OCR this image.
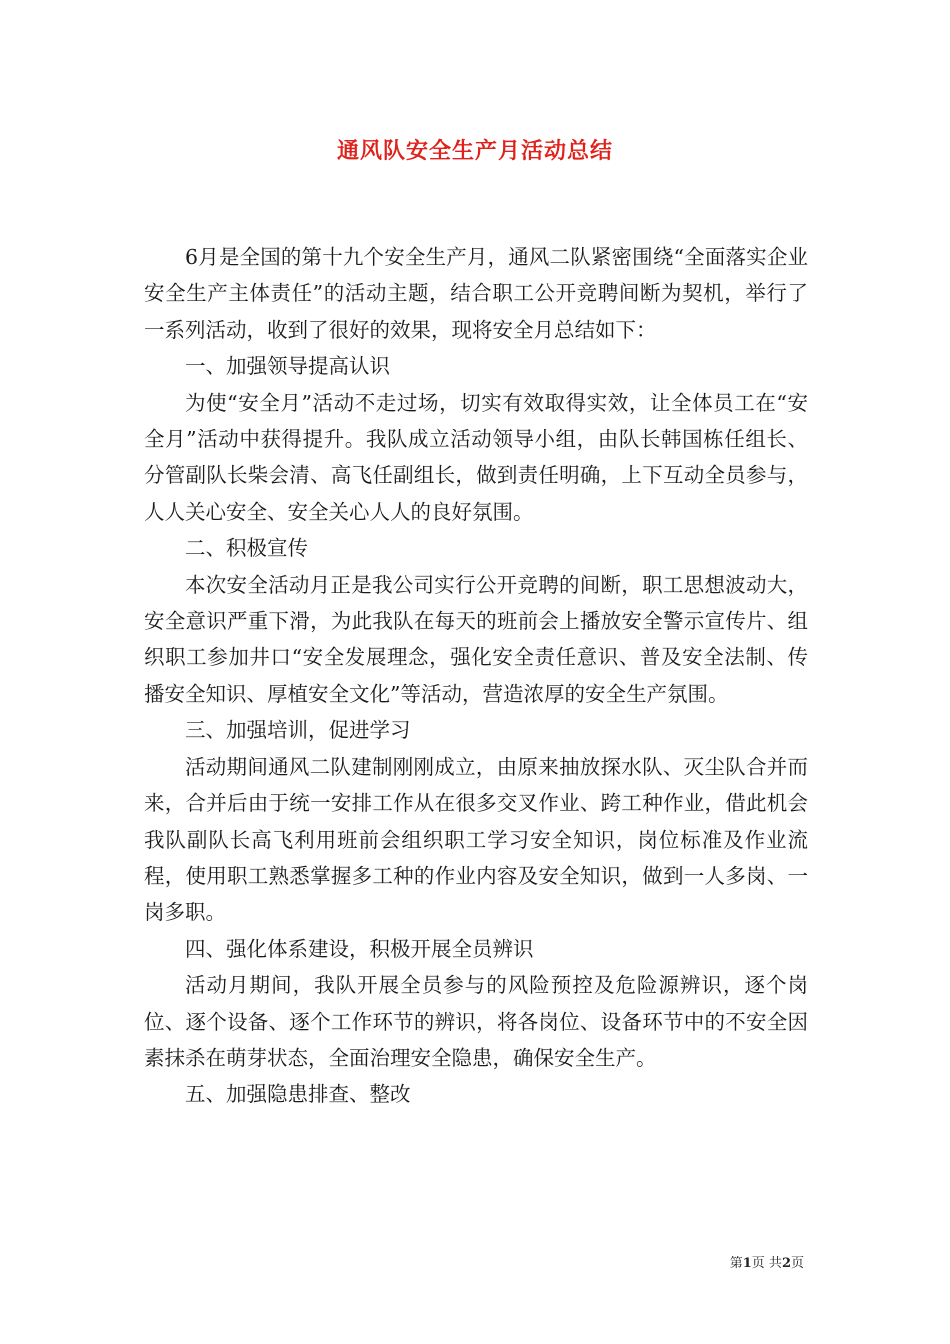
通风队安全生产月活动总结

6月是全国的第十九个安全生产月，通风二队紧密围绕“全面落实企业安全生产主体责任”的活动主题，结合职工公开竞聘间断为契机，举行了一系列活动，收到了很好的效果，现将安全月总结如下：

一、加强领导提高认识

为使“安全月”活动不走过场，切实有效取得实效，让全体员工在“安全月”活动中获得提升。我队成立活动领导小组，由队长韩国栋任组长、分管副队长柴会清、高飞任副组长，做到责任明确，上下互动全员参与，人人关心安全、安全关心人人的良好氛围。

二、积极宣传

本次安全活动月正是我公司实行公开竞聘的间断，职工思想波动大，安全意识严重下滑，为此我队在每天的班前会上播放安全警示宣传片、组织职工参加井口“安全发展理念，强化安全责任意识、普及安全法制、传播安全知识、厚植安全文化”等活动，营造浓厚的安全生产氛围。

三、加强培训，促进学习

活动期间通风二队建制刚刚成立，由原来抽放探水队、灭尘队合并而来，合并后由于统一安排工作从在很多交叉作业、跨工种作业，借此机会我队副队长高飞利用班前会组织职工学习安全知识，岗位标准及作业流程，使用职工熟悉掌握多工种的作业内容及安全知识，做到一人多岗、一岗多职。

四、强化体系建设，积极开展全员辨识

活动月期间，我队开展全员参与的风险预控及危险源辨识，逐个岗位、逐个设备、逐个工作环节的辨识，将各岗位、设备环节中的不安全因素抹杀在萌芽状态，全面治理安全隐患，确保安全生产。

五、加强隐患排查、整改

第1页 共2页
